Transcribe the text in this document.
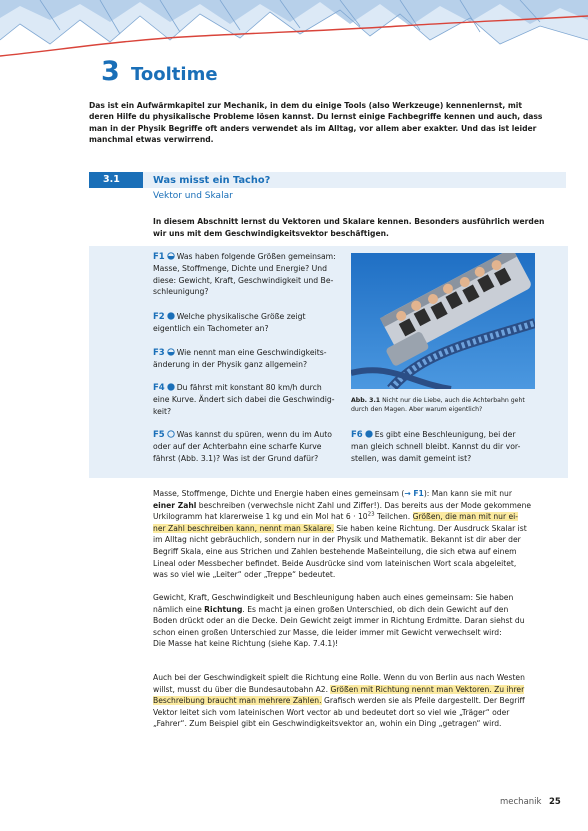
3 Tooltime
Das ist ein Aufwärmkapitel zur Mechanik, in dem du einige Tools (also Werkzeuge) kennenlernst, mit deren Hilfe du physikalische Probleme lösen kannst. Du lernst einige Fachbegriffe kennen und auch, dass man in der Physik Begriffe oft anders verwendet als im Alltag, vor allem aber exakter. Und das ist leider manchmal etwas verwirrend.
3.1	Was misst ein Tacho?
Vektor und Skalar
In diesem Abschnitt lernst du Vektoren und Skalare kennen. Besonders ausführlich werden wir uns mit dem Geschwindigkeitsvektor beschäftigen.
F1 Was haben folgende Größen gemeinsam:
Masse, Stoffmenge, Dichte und Energie? Und
diese: Gewicht, Kraft, Geschwindigkeit und Be-
schleunigung?
F2 Welche physikalische Größe zeigt
eigentlich ein Tachometer an?
F3 Wie nennt man eine Geschwindigkeits-
änderung in der Physik ganz allgemein?
F4 Du fährst mit konstant 80 km/h durch
eine Kurve. Ändert sich dabei die Geschwindig-
keit?
F5 Was kannst du spüren, wenn du im Auto
oder auf der Achterbahn eine scharfe Kurve
fährst (Abb. 3.1)? Was ist der Grund dafür?
F6 Es gibt eine Beschleunigung, bei der
man gleich schnell bleibt. Kannst du dir vor-
stellen, was damit gemeint ist?
Abb. 3.1 Nicht nur die Liebe, auch die Achterbahn geht
durch den Magen. Aber warum eigentlich?
Masse, Stoffmenge, Dichte und Energie haben eines gemeinsam (→ F1): Man kann sie mit nur
einer Zahl beschreiben (verwechsle nicht Zahl und Ziffer!). Das bereits aus der Mode gekommene
Urkilogramm hat klarerweise 1 kg und ein Mol hat $6 \cdot 10^{23}$ Teilchen. Größen, die man mit nur ei-
ner Zahl beschreiben kann, nennt man Skalare. Sie haben keine Richtung. Der Ausdruck Skalar ist
im Alltag nicht gebräuchlich, sondern nur in der Physik und Mathematik. Bekannt ist dir aber der
Begriff Skala, eine aus Strichen und Zahlen bestehende Maßeinteilung, die sich etwa auf einem
Lineal oder Messbecher befindet. Beide Ausdrücke sind vom lateinischen Wort scala abgeleitet,
was so viel wie „Leiter“ oder „Treppe“ bedeutet.
Gewicht, Kraft, Geschwindigkeit und Beschleunigung haben auch eines gemeinsam: Sie haben
nämlich eine Richtung. Es macht ja einen großen Unterschied, ob dich dein Gewicht auf den
Boden drückt oder an die Decke. Dein Gewicht zeigt immer in Richtung Erdmitte. Daran siehst du
schon einen großen Unterschied zur Masse, die leider immer mit Gewicht verwechselt wird:
Die Masse hat keine Richtung (siehe Kap. 7.4.1)!
Auch bei der Geschwindigkeit spielt die Richtung eine Rolle. Wenn du von Berlin aus nach Westen
willst, musst du über die Bundesautobahn A2. Größen mit Richtung nennt man Vektoren. Zu ihrer
Beschreibung braucht man mehrere Zahlen. Grafisch werden sie als Pfeile dargestellt. Der Begriff
Vektor leitet sich vom lateinischen Wort vector ab und bedeutet dort so viel wie „Träger“ oder
„Fahrer“. Zum Beispiel gibt ein Geschwindigkeitsvektor an, wohin ein Ding „getragen“ wird.
mechanik 25
